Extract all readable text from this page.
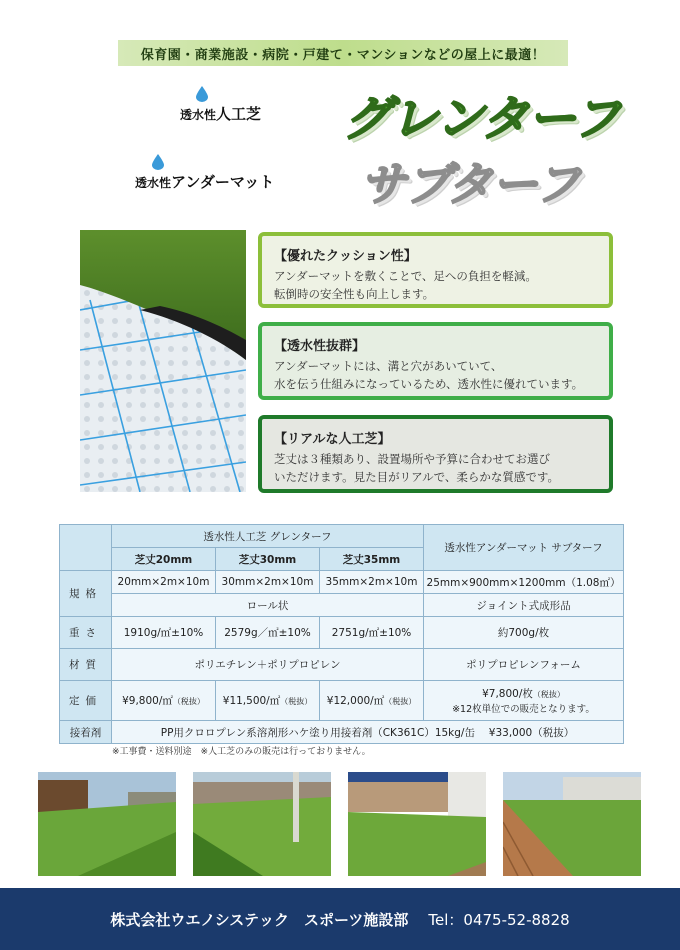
保育園・商業施設・病院・戸建て・マンションなどの屋上に最適！
透水性人工芝 グレンターフ
透水性アンダーマット サブターフ
【優れたクッション性】
アンダーマットを敷くことで、足への負担を軽減。
転倒時の安全性も向上します。
【透水性抜群】
アンダーマットには、溝と穴があいていて、
水を伝う仕組みになっているため、透水性に優れています。
【リアルな人工芝】
芝丈は３種類あり、設置場所や予算に合わせてお選び
いただけます。見た目がリアルで、柔らかな質感です。
	透水性人工芝 グレンターフ			透水性アンダーマット サブターフ
	芝丈20mm	芝丈30mm	芝丈35mm	
規格	20mm×2m×10m	30mm×2m×10m	35mm×2m×10m	25mm×900mm×1200mm（1.08㎡）
	ロール状			ジョイント式成形品
重さ	1910g/㎡±10%	2579g／㎡±10%	2751g/㎡±10%	約700g/枚
材質	ポリエチレン＋ポリプロピレン			ポリプロピレンフォーム
定価	¥9,800/㎡（税抜）	¥11,500/㎡（税抜）	¥12,000/㎡（税抜）	¥7,800/枚（税抜）
※12枚単位での販売となります。

接着剤	PP用クロロプレン系溶剤形ハケ塗り用接着剤（CK361C）15kg/缶　 ¥33,000（税抜）			
※工事費・送料別途　※人工芝のみの販売は行っておりません。
株式会社ウエノシステック　スポーツ施設部 Tel：0475-52-8828
